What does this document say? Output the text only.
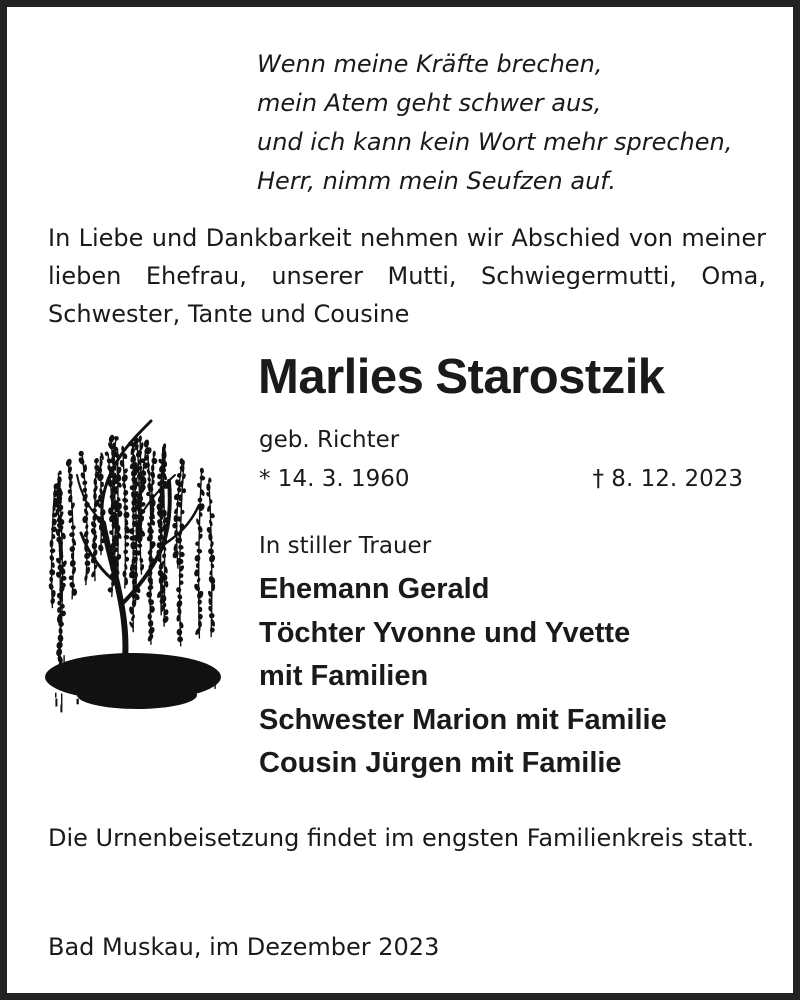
Wenn meine Kräfte brechen,
mein Atem geht schwer aus,
und ich kann kein Wort mehr sprechen,
Herr, nimm mein Seufzen auf.
In Liebe und Dankbarkeit nehmen wir Abschied von meiner lieben Ehefrau, unserer Mutti, Schwiegermutti, Oma, Schwester, Tante und Cousine
Marlies Starostzik
geb. Richter
* 14. 3. 1960	† 8. 12. 2023
In stiller Trauer
Ehemann Gerald
Töchter Yvonne und Yvette
mit Familien
Schwester Marion mit Familie
Cousin Jürgen mit Familie
Die Urnenbeisetzung findet im engsten Familienkreis statt.
Bad Muskau, im Dezember 2023
